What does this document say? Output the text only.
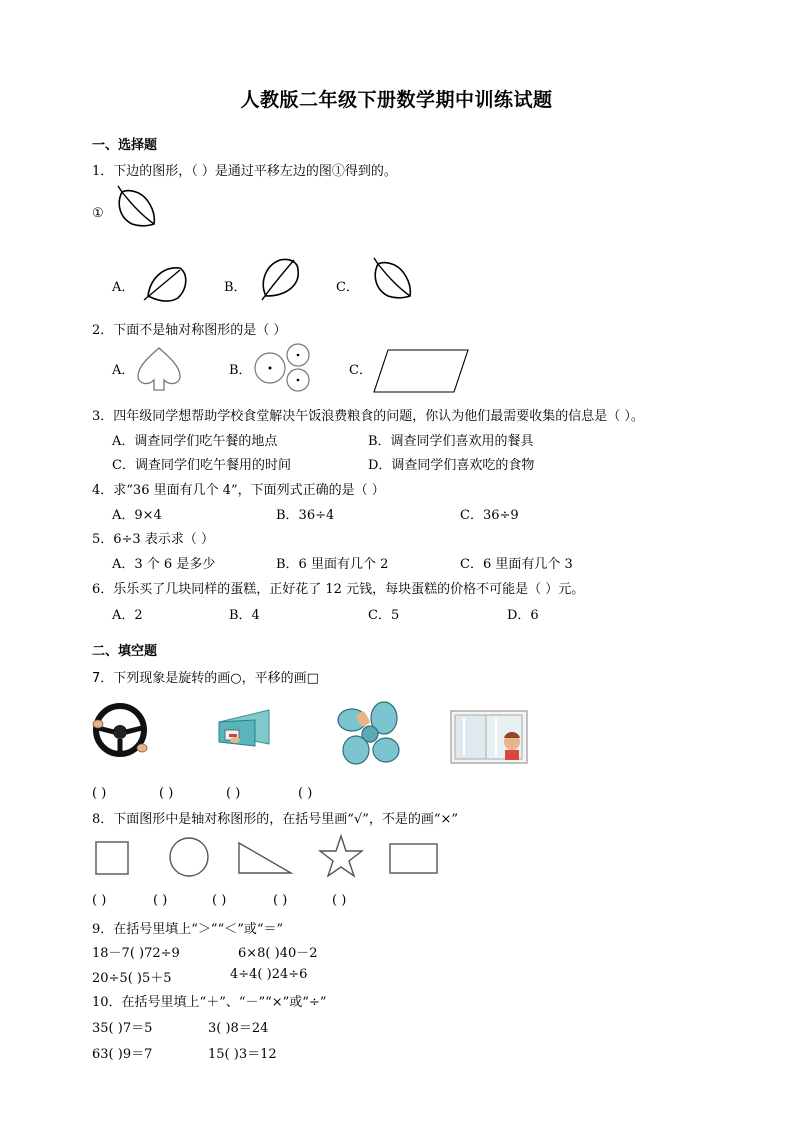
人教版二年级下册数学期中训练试题
一、选择题
1．下边的图形，（ ）是通过平移左边的图①得到的。
①
A．	B．	C．
2．下面不是轴对称图形的是（ ）
A．	B．	C．
3．四年级同学想帮助学校食堂解决午饭浪费粮食的问题，你认为他们最需要收集的信息是（ ）。
A．调查同学们吃午餐的地点	B．调查同学们喜欢用的餐具
C．调查同学们吃午餐用的时间	D．调查同学们喜欢吃的食物
4．求“36 里面有几个 4”，下面列式正确的是（ ）
A．9×4	B．36÷4	C．36÷9
5．6÷3 表示求（ ）
A．3 个 6 是多少	B．6 里面有几个 2	C．6 里面有几个 3
6．乐乐买了几块同样的蛋糕，正好花了 12 元钱，每块蛋糕的价格不可能是（ ）元。
A．2	B．4	C．5	D．6
二、填空题
7．下列现象是旋转的画○，平移的画□
( )	( )	( )	( )
8．下面图形中是轴对称图形的，在括号里画“√”，不是的画“×”
( )	( )	( )	( )	( )
9．在括号里填上“＞”“＜”或“＝”
18－7( )72÷9	6×8( )40－2
20÷5( )5＋5	4÷4( )24÷6
10．在括号里填上“＋”、“－”“×”或“÷”
35( )7＝5	3( )8＝24
63( )9＝7	15( )3＝12
